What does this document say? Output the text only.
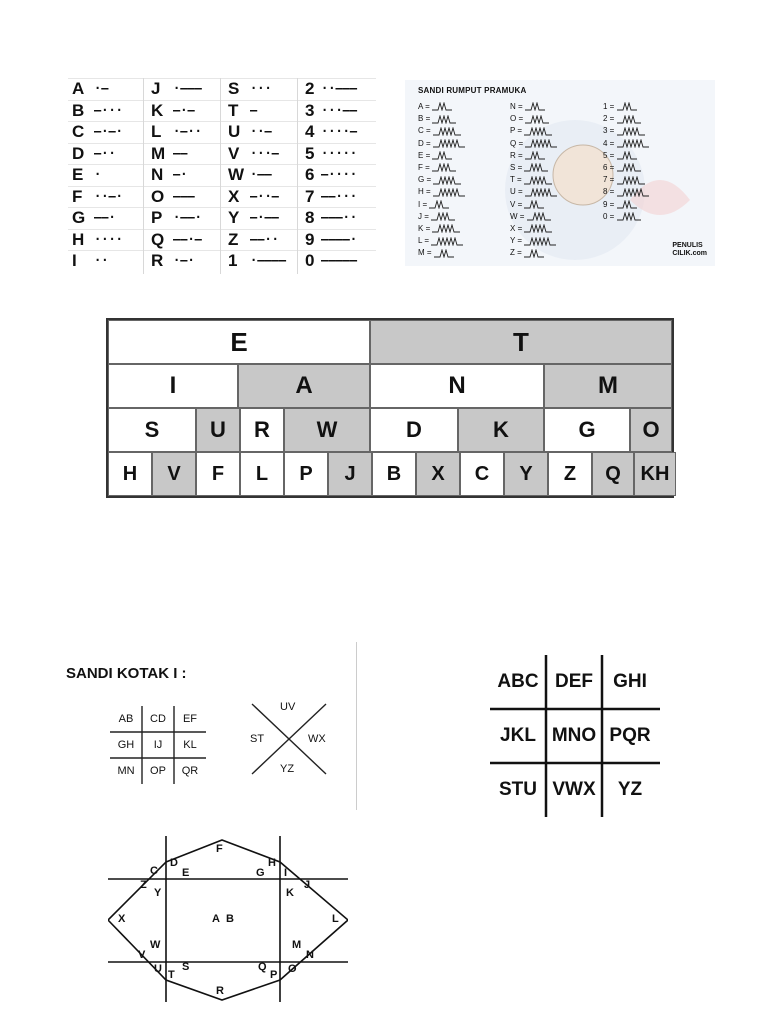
A ·–
B –···
C –·–·
D –··
E ·
F ··–·
G ––·
H ····
I ··
J ·–––
K –·–
L ·–··
M ––
N –·
O –––
P ·––·
Q ––·–
R ·–·
S ···
T –
U ··–
V ···–
W ·––
X –··–
Y –·––
Z ––··
1 ·––––
2 ··–––
3 ···––
4 ····–
5 ·····
6 –····
7 ––···
8 –––··
9 ––––·
0 –––––
SANDI RUMPUT PRAMUKA
A =
B =
C =
D =
E =
F =
G =
H =
I =
J =
K =
L =
M =
N =
O =
P =
Q =
R =
S =
T =
U =
V =
W =
X =
Y =
Z =
1 =
2 =
3 =
4 =
5 =
6 =
7 =
8 =
9 =
0 =
PENULIS
CILIK.com
E	T
I	A	N	M
S	U	R	W	D	K	G	O
H	V	F	L	P	J	B	X	C	Y	Z	Q KH
SANDI KOTAK I :
AB	CD	EF
GH	IJ	KL
MN	OP	QR
UV
ST	WX
YZ
ABC DEF	GHI
JKL MNO PQR
STU VWX	YZ
A B
C
D
E
F
G
H
I
J
K
L
M
N
O
P
Q
R
S
T
U
V
W
X
Y
Z
